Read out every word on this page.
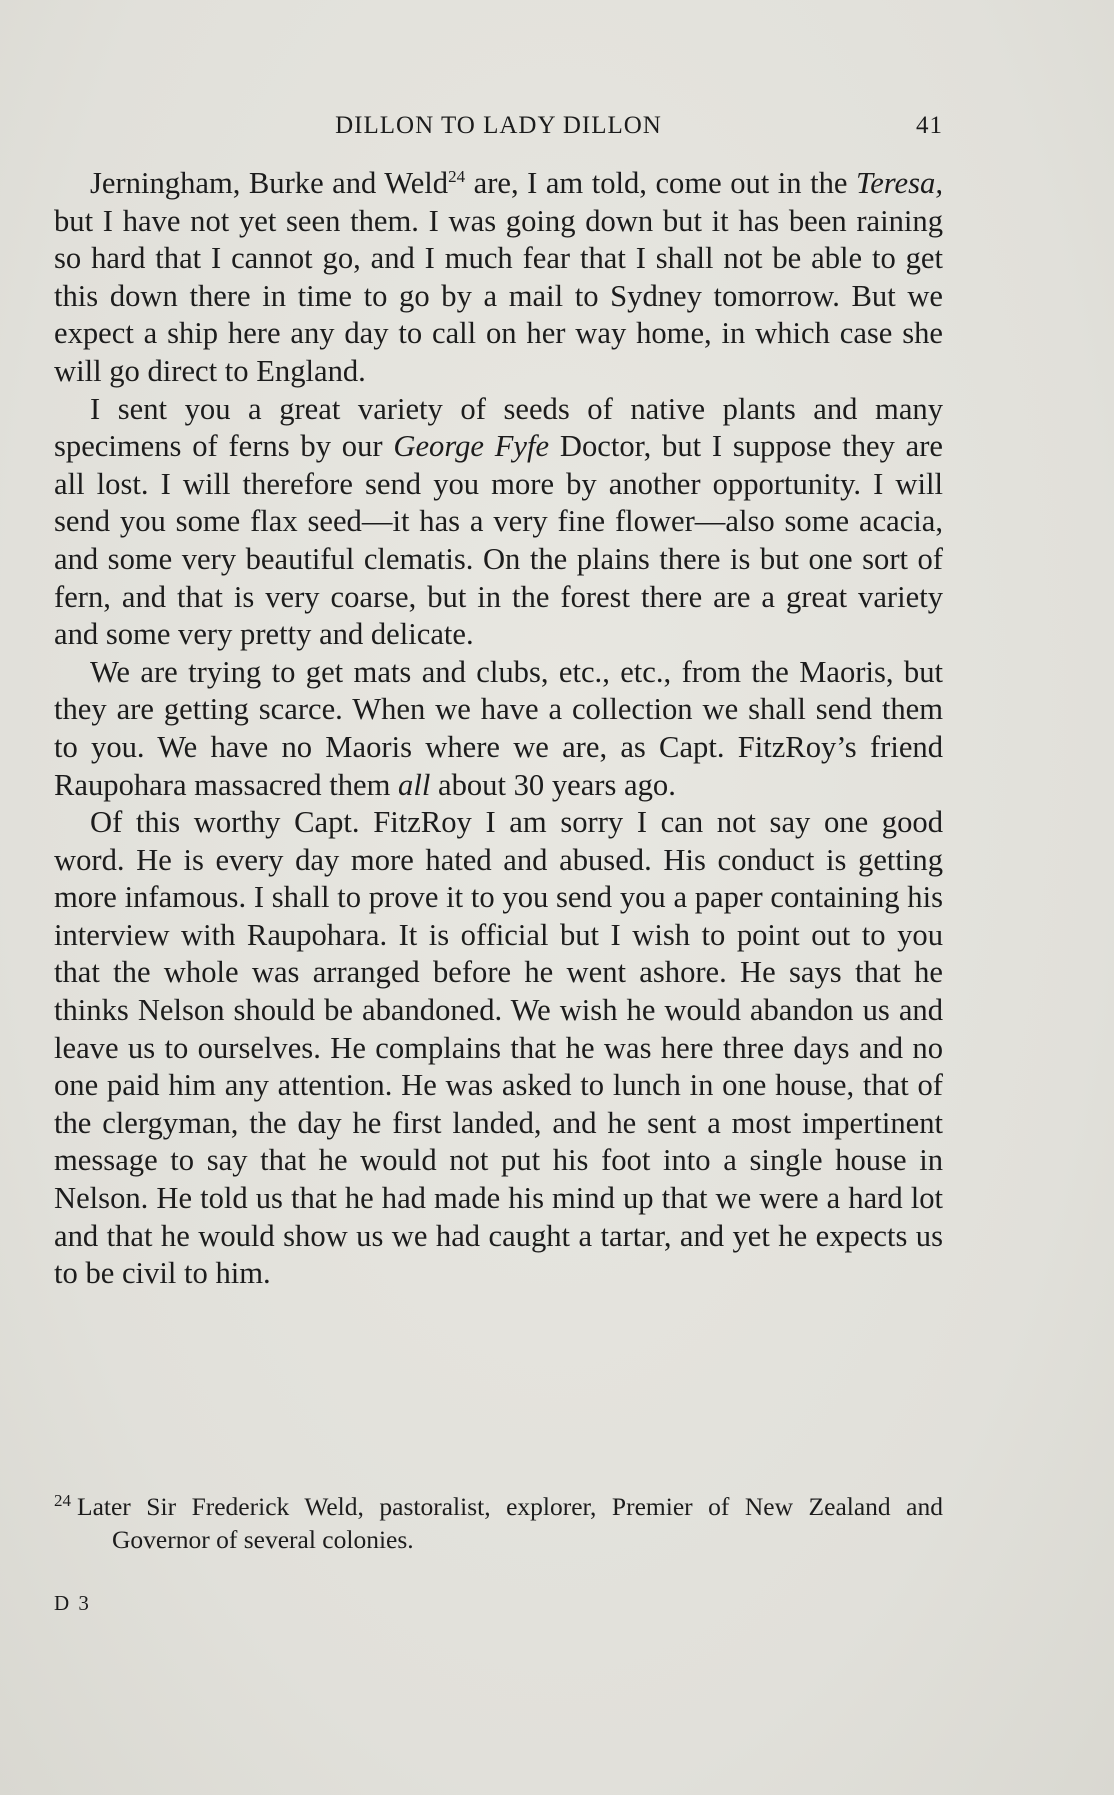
DILLON TO LADY DILLON	41

Jerningham, Burke and Weld$^{24}$ are, I am told, come out in the Teresa, but I have not yet seen them. I was going down but it has been raining so hard that I cannot go, and I much fear that I shall not be able to get this down there in time to go by a mail to Sydney tomorrow. But we expect a ship here any day to call on her way home, in which case she will go direct to England.

I sent you a great variety of seeds of native plants and many specimens of ferns by our George Fyfe Doctor, but I suppose they are all lost. I will therefore send you more by another opportunity. I will send you some flax seed—it has a very fine flower—also some acacia, and some very beautiful clematis. On the plains there is but one sort of fern, and that is very coarse, but in the forest there are a great variety and some very pretty and delicate.

We are trying to get mats and clubs, etc., etc., from the Maoris, but they are getting scarce. When we have a collection we shall send them to you. We have no Maoris where we are, as Capt. FitzRoy’s friend Raupohara massacred them all about 30 years ago.

Of this worthy Capt. FitzRoy I am sorry I can not say one good word. He is every day more hated and abused. His conduct is getting more infamous. I shall to prove it to you send you a paper containing his interview with Raupohara. It is official but I wish to point out to you that the whole was arranged before he went ashore. He says that he thinks Nelson should be abandoned. We wish he would abandon us and leave us to ourselves. He complains that he was here three days and no one paid him any attention. He was asked to lunch in one house, that of the clergyman, the day he first landed, and he sent a most impertinent message to say that he would not put his foot into a single house in Nelson. He told us that he had made his mind up that we were a hard lot and that he would show us we had caught a tartar, and yet he expects us to be civil to him.

$^{24}$ Later Sir Frederick Weld, pastoralist, explorer, Premier of New Zealand and Governor of several colonies.
D 3
